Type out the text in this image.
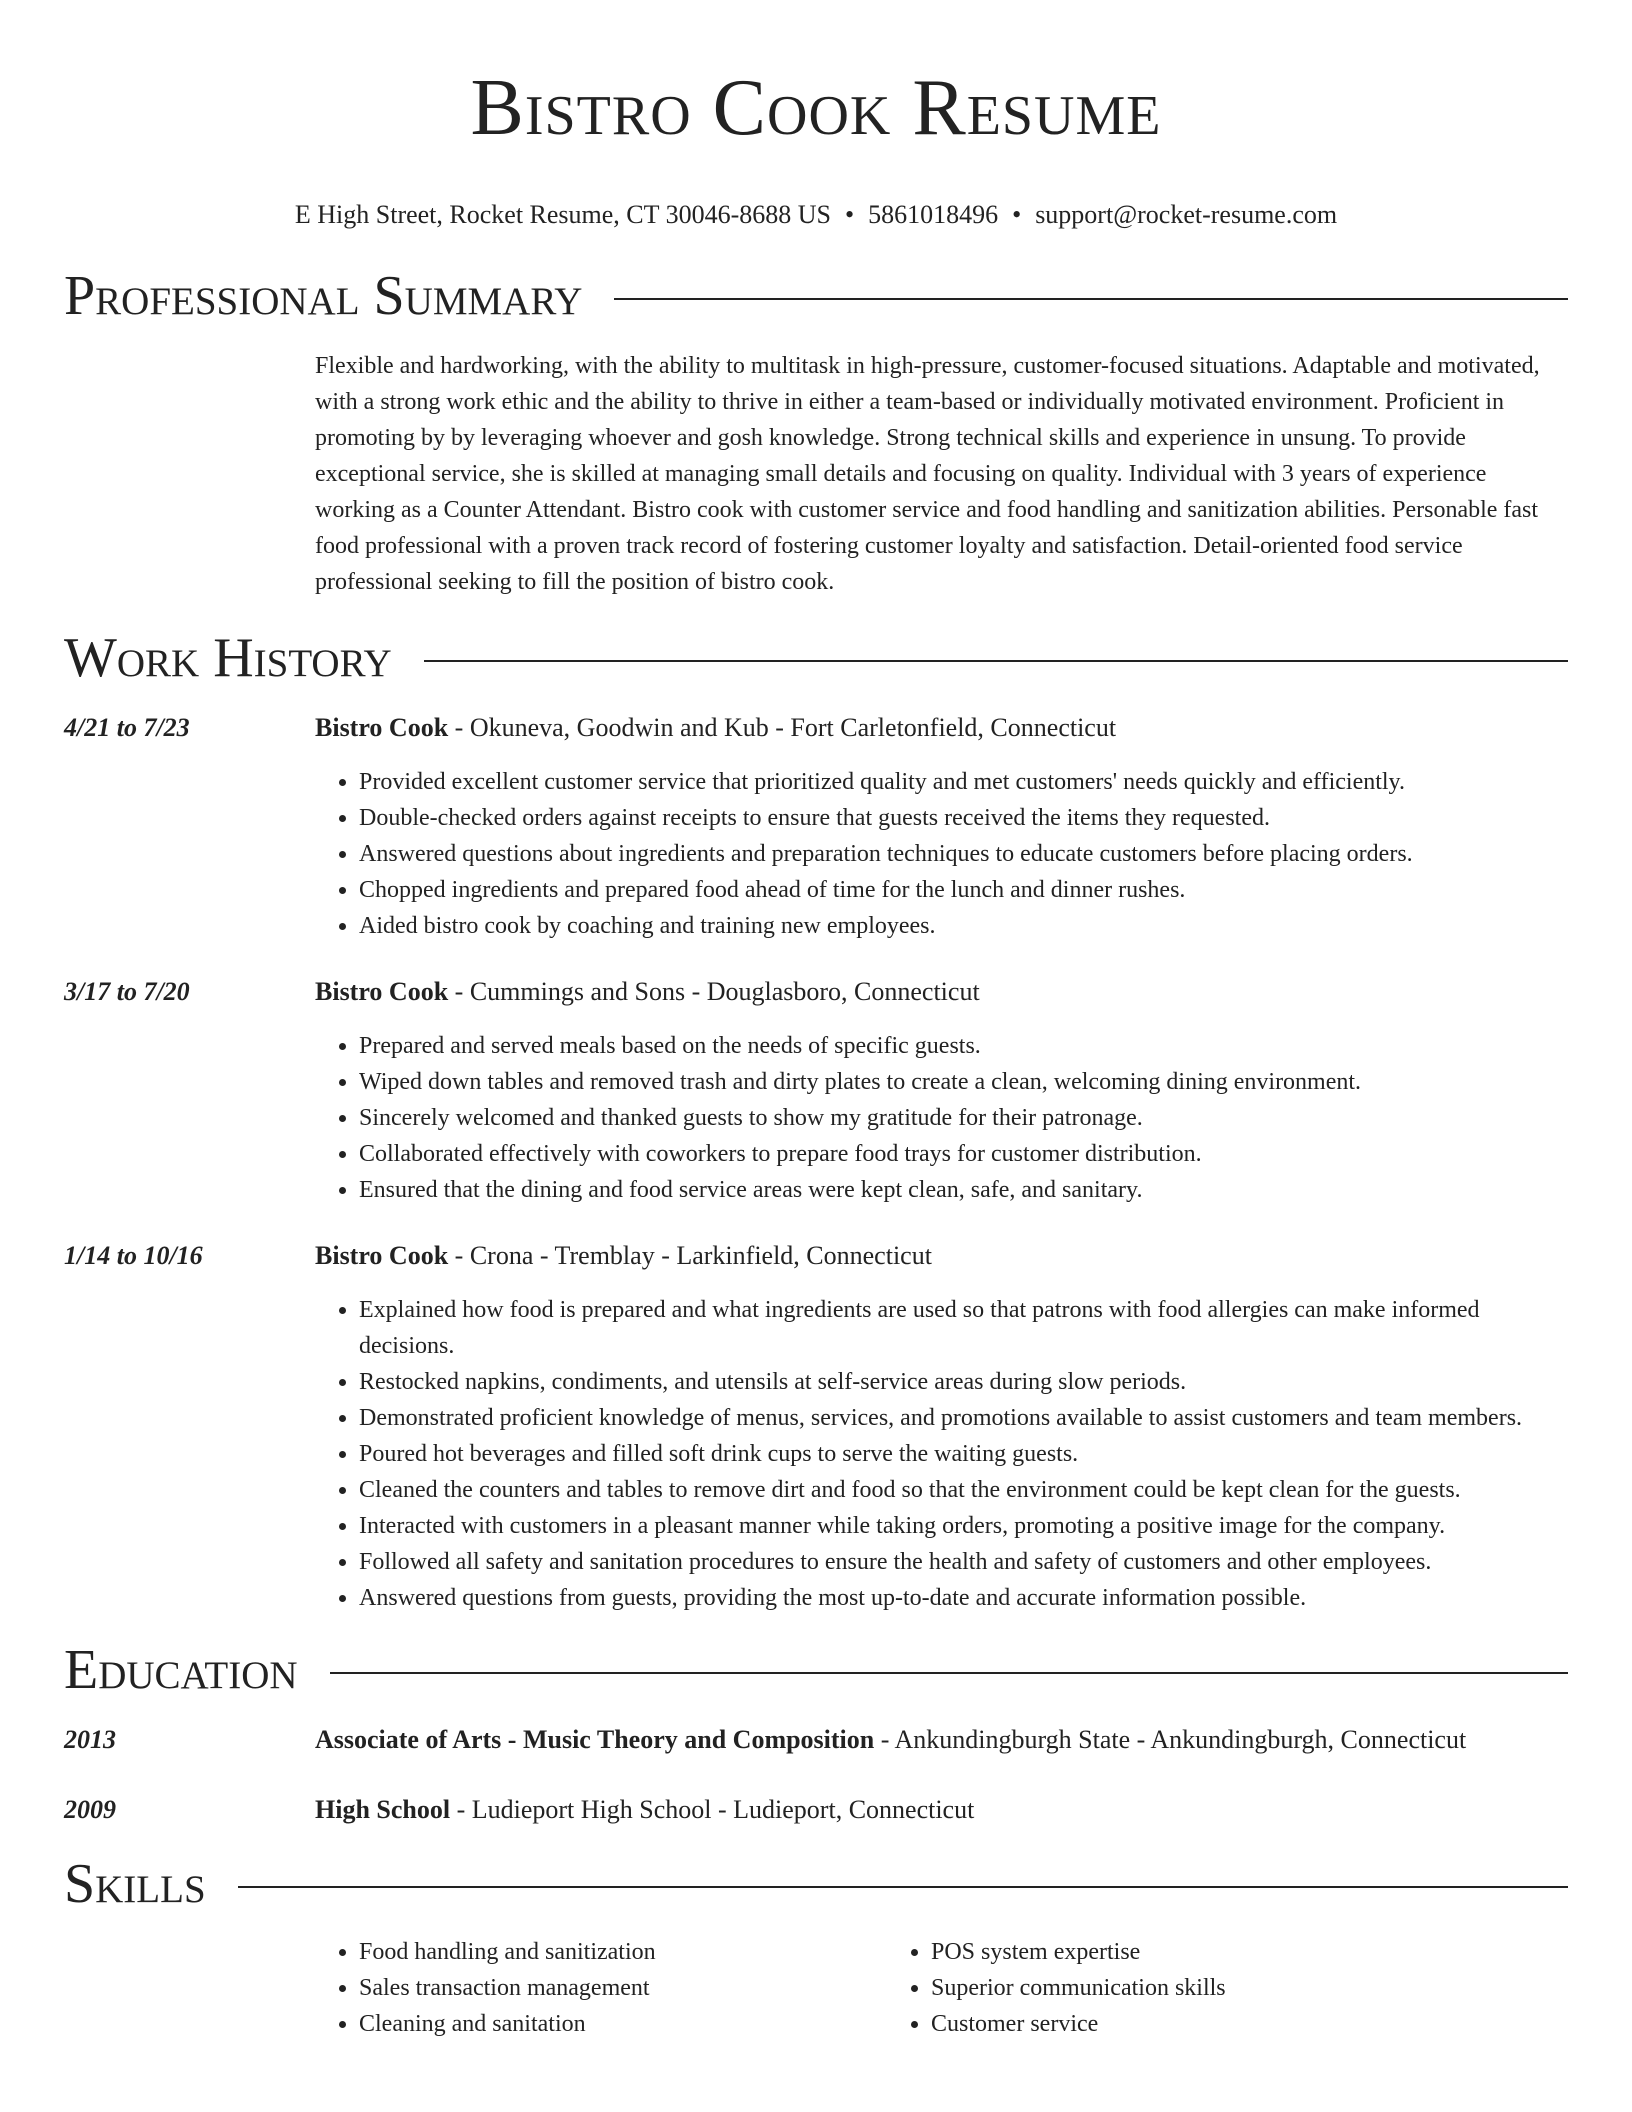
Bistro Cook Resume
E High Street, Rocket Resume, CT 30046-8688 US • 5861018496 • support@rocket-resume.com
Professional Summary
Flexible and hardworking, with the ability to multitask in high-pressure, customer-focused situations. Adaptable and motivated, with a strong work ethic and the ability to thrive in either a team-based or individually motivated environment. Proficient in promoting by by leveraging whoever and gosh knowledge. Strong technical skills and experience in unsung. To provide exceptional service, she is skilled at managing small details and focusing on quality. Individual with 3 years of experience working as a Counter Attendant. Bistro cook with customer service and food handling and sanitization abilities. Personable fast food professional with a proven track record of fostering customer loyalty and satisfaction. Detail-oriented food service professional seeking to fill the position of bistro cook.
Work History
4/21 to 7/23	Bistro Cook - Okuneva, Goodwin and Kub - Fort Carletonfield, Connecticut
• Provided excellent customer service that prioritized quality and met customers' needs quickly and efficiently.
• Double-checked orders against receipts to ensure that guests received the items they requested.
• Answered questions about ingredients and preparation techniques to educate customers before placing orders.
• Chopped ingredients and prepared food ahead of time for the lunch and dinner rushes.
• Aided bistro cook by coaching and training new employees.
3/17 to 7/20	Bistro Cook - Cummings and Sons - Douglasboro, Connecticut
• Prepared and served meals based on the needs of specific guests.
• Wiped down tables and removed trash and dirty plates to create a clean, welcoming dining environment.
• Sincerely welcomed and thanked guests to show my gratitude for their patronage.
• Collaborated effectively with coworkers to prepare food trays for customer distribution.
• Ensured that the dining and food service areas were kept clean, safe, and sanitary.
1/14 to 10/16	Bistro Cook - Crona - Tremblay - Larkinfield, Connecticut
• Explained how food is prepared and what ingredients are used so that patrons with food allergies can make informed decisions.
• Restocked napkins, condiments, and utensils at self-service areas during slow periods.
• Demonstrated proficient knowledge of menus, services, and promotions available to assist customers and team members.
• Poured hot beverages and filled soft drink cups to serve the waiting guests.
• Cleaned the counters and tables to remove dirt and food so that the environment could be kept clean for the guests.
• Interacted with customers in a pleasant manner while taking orders, promoting a positive image for the company.
• Followed all safety and sanitation procedures to ensure the health and safety of customers and other employees.
• Answered questions from guests, providing the most up-to-date and accurate information possible.
Education
2013	Associate of Arts - Music Theory and Composition - Ankundingburgh State - Ankundingburgh, Connecticut
2009	High School - Ludieport High School - Ludieport, Connecticut
Skills
• Food handling and sanitization
• Sales transaction management
• Cleaning and sanitation
• POS system expertise
• Superior communication skills
• Customer service
